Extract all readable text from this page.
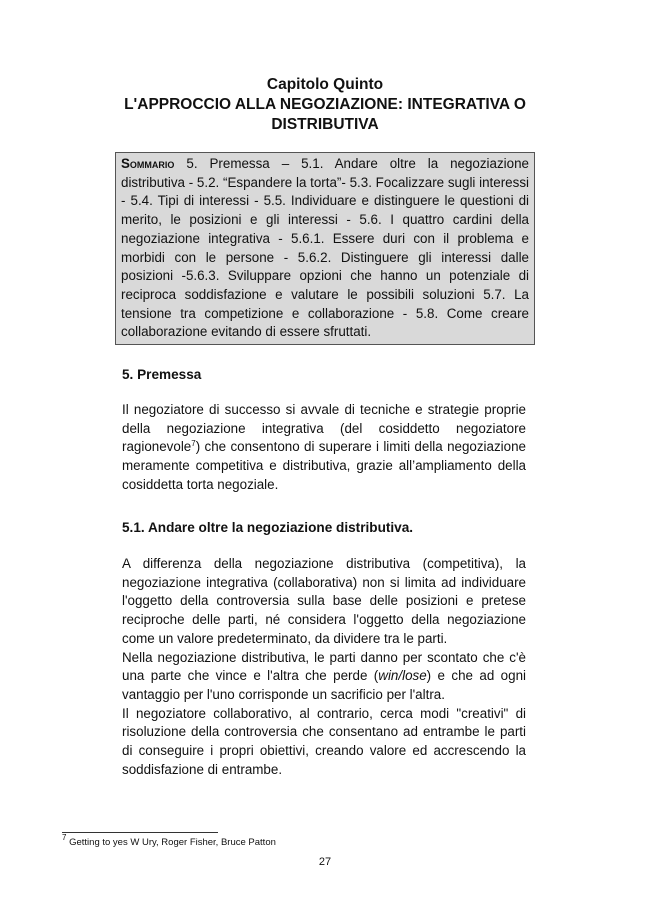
Capitolo Quinto
L'APPROCCIO ALLA NEGOZIAZIONE: INTEGRATIVA O
DISTRIBUTIVA
Sommario 5. Premessa – 5.1. Andare oltre la negoziazione distributiva - 5.2. “Espandere la torta”- 5.3. Focalizzare sugli interessi - 5.4. Tipi di interessi - 5.5. Individuare e distinguere le questioni di merito, le posizioni e gli interessi - 5.6. I quattro cardini della negoziazione integrativa - 5.6.1. Essere duri con il problema e morbidi con le persone - 5.6.2. Distinguere gli interessi dalle posizioni -5.6.3. Sviluppare opzioni che hanno un potenziale di reciproca soddisfazione e valutare le possibili soluzioni 5.7. La tensione tra competizione e collaborazione - 5.8. Come creare collaborazione evitando di essere sfruttati.
5. Premessa
Il negoziatore di successo si avvale di tecniche e strategie proprie della negoziazione integrativa (del cosiddetto negoziatore ragionevole$^7$) che consentono di superare i limiti della negoziazione meramente competitiva e distributiva, grazie all’ampliamento della cosiddetta torta negoziale.
5.1. Andare oltre la negoziazione distributiva.

A differenza della negoziazione distributiva (competitiva), la negoziazione integrativa (collaborativa) non si limita ad individuare l'oggetto della controversia sulla base delle posizioni e pretese reciproche delle parti, né considera l'oggetto della negoziazione come un valore predeterminato, da dividere tra le parti.

Nella negoziazione distributiva, le parti danno per scontato che c'è una parte che vince e l'altra che perde (win/lose) e che ad ogni vantaggio per l'uno corrisponde un sacrificio per l'altra.

Il negoziatore collaborativo, al contrario, cerca modi "creativi" di risoluzione della controversia che consentano ad entrambe le parti di conseguire i propri obiettivi, creando valore ed accrescendo la soddisfazione di entrambe.

$^7$ Getting to yes W Ury, Roger Fisher, Bruce Patton
27
